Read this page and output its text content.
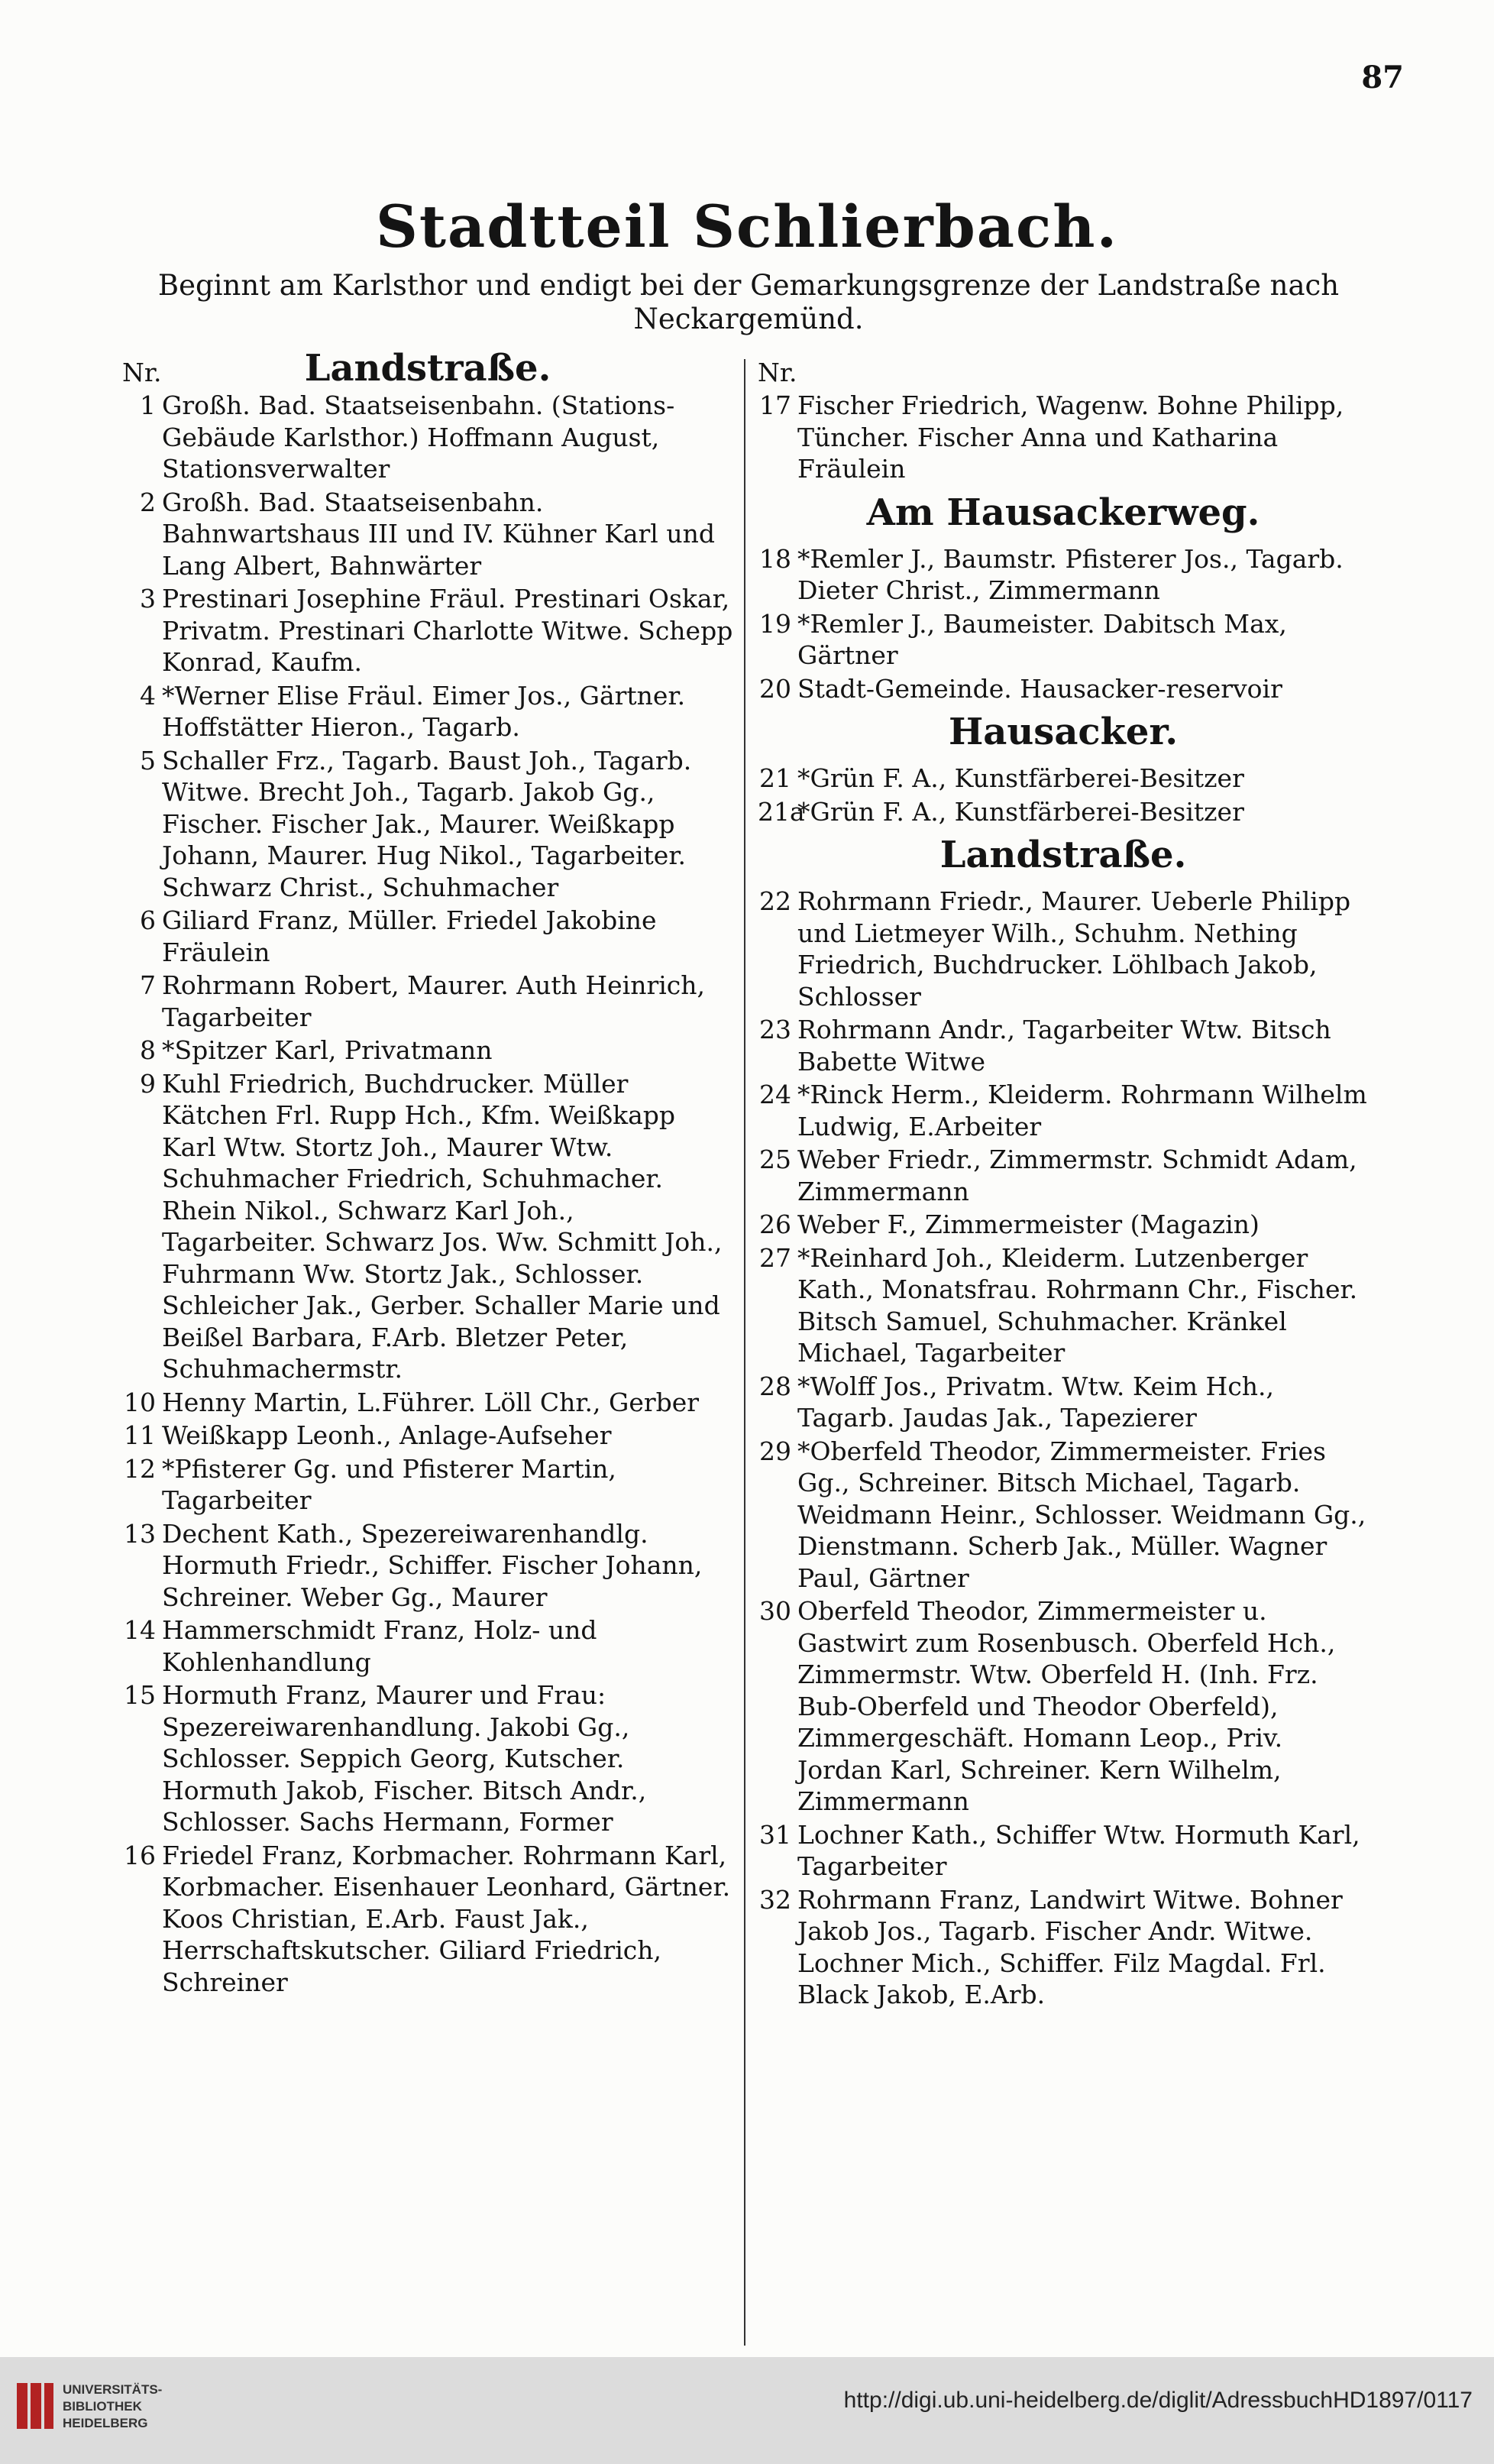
87
Stadtteil Schlierbach.
Beginnt am Karlsthor und endigt bei der Gemarkungsgrenze der Landstraße nach Neckargemünd.
Nr.	Landstraße.
1 Großh. Bad. Staatseisenbahn. (Stations-Gebäude Karlsthor.) Hoffmann August, Stationsverwalter
2 Großh. Bad. Staatseisenbahn. Bahnwartshaus III und IV. Kühner Karl und Lang Albert, Bahnwärter
3 Prestinari Josephine Fräul. Prestinari Oskar, Privatm. Prestinari Charlotte Witwe. Schepp Konrad, Kaufm.
4 *Werner Elise Fräul. Eimer Jos., Gärtner. Hoffstätter Hieron., Tagarb.
5 Schaller Frz., Tagarb. Baust Joh., Tagarb. Witwe. Brecht Joh., Tagarb. Jakob Gg., Fischer. Fischer Jak., Maurer. Weißkapp Johann, Maurer. Hug Nikol., Tagarbeiter. Schwarz Christ., Schuhmacher
6 Giliard Franz, Müller. Friedel Jakobine Fräulein
7 Rohrmann Robert, Maurer. Auth Heinrich, Tagarbeiter
8 *Spitzer Karl, Privatmann
9 Kuhl Friedrich, Buchdrucker. Müller Kätchen Frl. Rupp Hch., Kfm. Weißkapp Karl Wtw. Stortz Joh., Maurer Wtw. Schuhmacher Friedrich, Schuhmacher. Rhein Nikol., Schwarz Karl Joh., Tagarbeiter. Schwarz Jos. Ww. Schmitt Joh., Fuhrmann Ww. Stortz Jak., Schlosser. Schleicher Jak., Gerber. Schaller Marie und Beißel Barbara, F.Arb. Bletzer Peter, Schuhmachermstr.
10 Henny Martin, L.Führer. Löll Chr., Gerber
11 Weißkapp Leonh., Anlage-Aufseher
12 *Pfisterer Gg. und Pfisterer Martin, Tagarbeiter
13 Dechent Kath., Spezereiwarenhandlg. Hormuth Friedr., Schiffer. Fischer Johann, Schreiner. Weber Gg., Maurer
14 Hammerschmidt Franz, Holz- und Kohlenhandlung
15 Hormuth Franz, Maurer und Frau: Spezereiwarenhandlung. Jakobi Gg., Schlosser. Seppich Georg, Kutscher. Hormuth Jakob, Fischer. Bitsch Andr., Schlosser. Sachs Hermann, Former
16 Friedel Franz, Korbmacher. Rohrmann Karl, Korbmacher. Eisenhauer Leonhard, Gärtner. Koos Christian, E.Arb. Faust Jak., Herrschaftskutscher. Giliard Friedrich, Schreiner
Nr.
17 Fischer Friedrich, Wagenw. Bohne Philipp, Tüncher. Fischer Anna und Katharina Fräulein
Am Hausackerweg.
18 *Remler J., Baumstr. Pfisterer Jos., Tagarb. Dieter Christ., Zimmermann
19 *Remler J., Baumeister. Dabitsch Max, Gärtner
20 Stadt-Gemeinde. Hausacker-reservoir
Hausacker.
21 *Grün F. A., Kunstfärberei-Besitzer
21a
*Grün F. A., Kunstfärberei-Besitzer
Landstraße.
22 Rohrmann Friedr., Maurer. Ueberle Philipp und Lietmeyer Wilh., Schuhm. Nething Friedrich, Buchdrucker. Löhlbach Jakob, Schlosser
23 Rohrmann Andr., Tagarbeiter Wtw. Bitsch Babette Witwe
24 *Rinck Herm., Kleiderm. Rohrmann Wilhelm Ludwig, E.Arbeiter
25 Weber Friedr., Zimmermstr. Schmidt Adam, Zimmermann
26 Weber F., Zimmermeister (Magazin)
27 *Reinhard Joh., Kleiderm. Lutzenberger Kath., Monatsfrau. Rohrmann Chr., Fischer. Bitsch Samuel, Schuhmacher. Kränkel Michael, Tagarbeiter
28 *Wolff Jos., Privatm. Wtw. Keim Hch., Tagarb. Jaudas Jak., Tapezierer
29 *Oberfeld Theodor, Zimmermeister. Fries Gg., Schreiner. Bitsch Michael, Tagarb. Weidmann Heinr., Schlosser. Weidmann Gg., Dienstmann. Scherb Jak., Müller. Wagner Paul, Gärtner
30 Oberfeld Theodor, Zimmermeister u. Gastwirt zum Rosenbusch. Oberfeld Hch., Zimmermstr. Wtw. Oberfeld H. (Inh. Frz. Bub-Oberfeld und Theodor Oberfeld), Zimmergeschäft. Homann Leop., Priv. Jordan Karl, Schreiner. Kern Wilhelm, Zimmermann
31 Lochner Kath., Schiffer Wtw. Hormuth Karl, Tagarbeiter
32 Rohrmann Franz, Landwirt Witwe. Bohner Jakob Jos., Tagarb. Fischer Andr. Witwe. Lochner Mich., Schiffer. Filz Magdal. Frl. Black Jakob, E.Arb.
UNIVERSITÄTS-
BIBLIOTHEK
HEIDELBERG
http://digi.ub.uni-heidelberg.de/diglit/AdressbuchHD1897/0117
